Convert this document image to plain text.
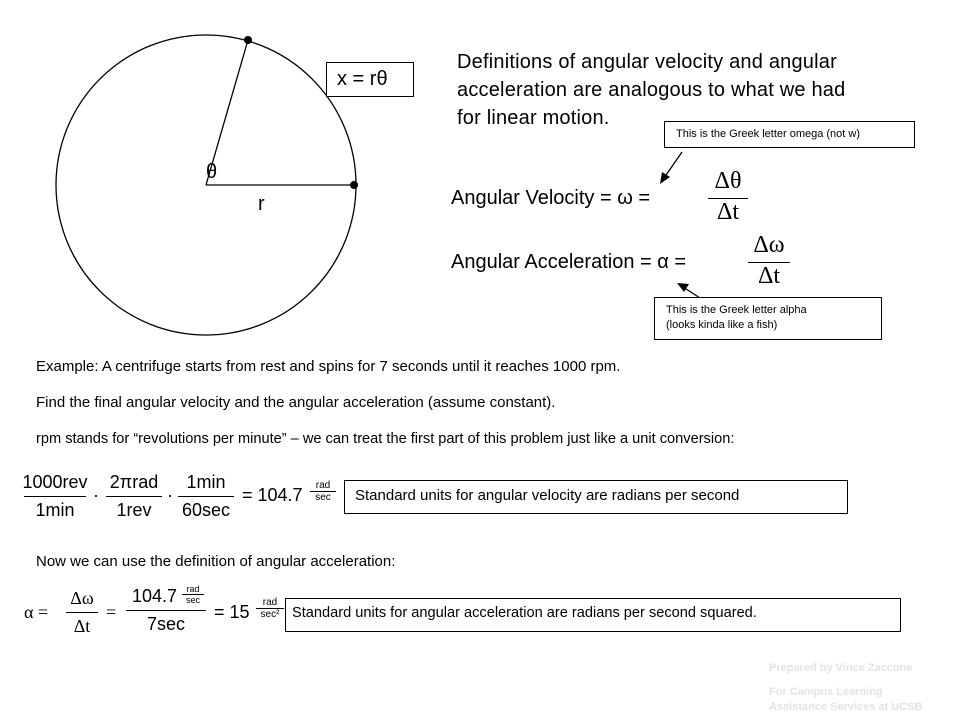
x = rθ
θ
r
Definitions of angular velocity and angular
acceleration are analogous to what we had
for linear motion.
This is the Greek letter omega (not w)
Angular Velocity = ω =
Δθ
Δt
Angular Acceleration = α =
Δω
Δt
This is the Greek letter alpha
(looks kinda like a fish)
Example: A centrifuge starts from rest and spins for 7 seconds until it reaches 1000 rpm.
Find the final angular velocity and the angular acceleration (assume constant).
rpm stands for “revolutions per minute” – we can treat the first part of this problem just like a unit conversion:
1000rev
1min
·
2πrad
1rev
·
1min
60sec
= 104.7	rad
sec	Standard units for angular velocity are radians per second
Now we can use the definition of angular acceleration:
α =
Δω
Δt
=
104.7	rad
sec
7sec
= 15	rad
sec² Standard units for angular acceleration are radians per second squared.
Prepared by Vince Zaccone
For Campus Learning
Assistance Services at UCSB
